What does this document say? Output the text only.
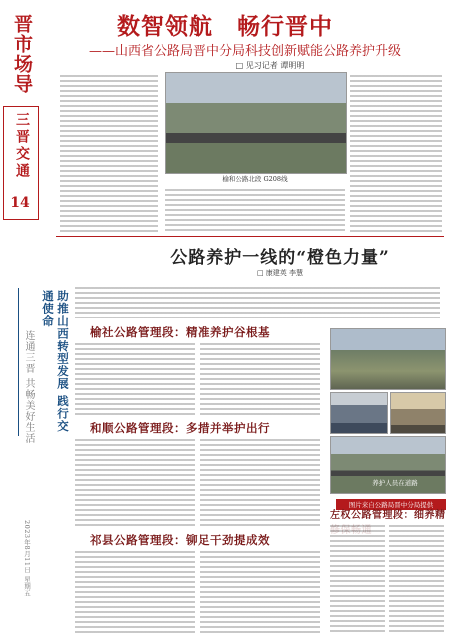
晋市场导
三晋交通
14
连通三晋 共畅美好生活
2023年8月11日 星期五
数智领航　畅行晋中
——山西省公路局晋中分局科技创新赋能公路养护升级
□ 见习记者 谭明明
榆和公路北段 G208线
公路养护一线的“橙色力量”
□ 康建英 李慧
助推山西转型发展 践行交通使命
榆社公路管理段：精准养护谷根基
养护人员在道路
图片来自公路局晋中分局提供
和顺公路管理段：多措并举护出行
祁县公路管理段：铆足干劲提成效
左权公路管理段：细养精
